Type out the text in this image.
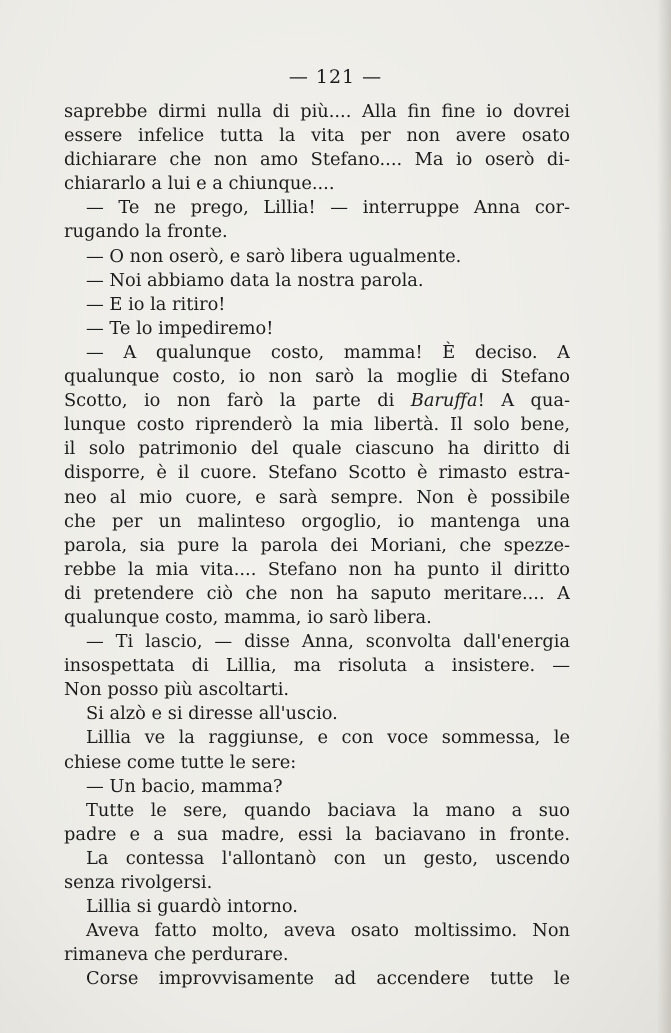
— 121 —
saprebbe dirmi nulla di più.... Alla fin fine io dovrei
essere infelice tutta la vita per non avere osato
dichiarare che non amo Stefano.... Ma io oserò di-
chiararlo a lui e a chiunque....
— Te ne prego, Lillia! — interruppe Anna cor-
rugando la fronte.
— O non oserò, e sarò libera ugualmente.
— Noi abbiamo data la nostra parola.
— E io la ritiro!
— Te lo impediremo!
— A qualunque costo, mamma! È deciso. A
qualunque costo, io non sarò la moglie di Stefano
Scotto, io non farò la parte di Baruffa! A qua-
lunque costo riprenderò la mia libertà. Il solo bene,
il solo patrimonio del quale ciascuno ha diritto di
disporre, è il cuore. Stefano Scotto è rimasto estra-
neo al mio cuore, e sarà sempre. Non è possibile
che per un malinteso orgoglio, io mantenga una
parola, sia pure la parola dei Moriani, che spezze-
rebbe la mia vita.... Stefano non ha punto il diritto
di pretendere ciò che non ha saputo meritare.... A
qualunque costo, mamma, io sarò libera.
— Ti lascio, — disse Anna, sconvolta dall'energia
insospettata di Lillia, ma risoluta a insistere. —
Non posso più ascoltarti.
Si alzò e si diresse all'uscio.
Lillia ve la raggiunse, e con voce sommessa, le
chiese come tutte le sere:
— Un bacio, mamma?
Tutte le sere, quando baciava la mano a suo
padre e a sua madre, essi la baciavano in fronte.
La contessa l'allontanò con un gesto, uscendo
senza rivolgersi.
Lillia si guardò intorno.
Aveva fatto molto, aveva osato moltissimo. Non
rimaneva che perdurare.
Corse improvvisamente ad accendere tutte le
